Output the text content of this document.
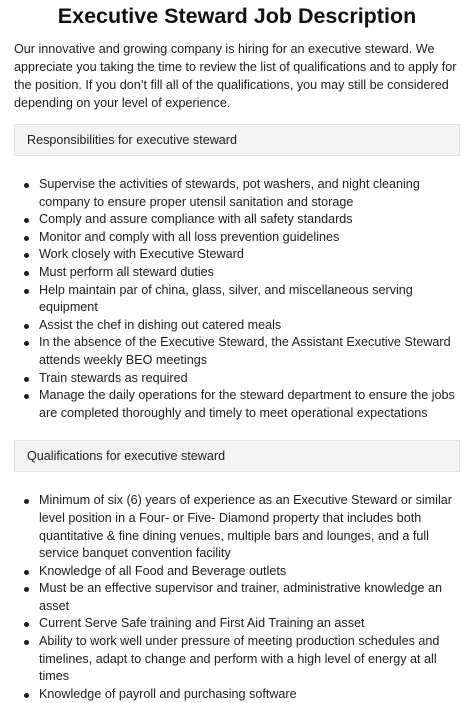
Executive Steward Job Description

Our innovative and growing company is hiring for an executive steward. We appreciate you taking the time to review the list of qualifications and to apply for the position. If you don’t fill all of the qualifications, you may still be considered depending on your level of experience.

Responsibilities for executive steward
Supervise the activities of stewards, pot washers, and night cleaning company to ensure proper utensil sanitation and storage
Comply and assure compliance with all safety standards
Monitor and comply with all loss prevention guidelines
Work closely with Executive Steward
Must perform all steward duties
Help maintain par of china, glass, silver, and miscellaneous serving equipment
Assist the chef in dishing out catered meals
In the absence of the Executive Steward, the Assistant Executive Steward attends weekly BEO meetings
Train stewards as required
Manage the daily operations for the steward department to ensure the jobs are completed thoroughly and timely to meet operational expectations
Qualifications for executive steward
Minimum of six (6) years of experience as an Executive Steward or similar level position in a Four- or Five- Diamond property that includes both quantitative & fine dining venues, multiple bars and lounges, and a full service banquet convention facility
Knowledge of all Food and Beverage outlets
Must be an effective supervisor and trainer, administrative knowledge an asset
Current Serve Safe training and First Aid Training an asset
Ability to work well under pressure of meeting production schedules and timelines, adapt to change and perform with a high level of energy at all times
Knowledge of payroll and purchasing software
